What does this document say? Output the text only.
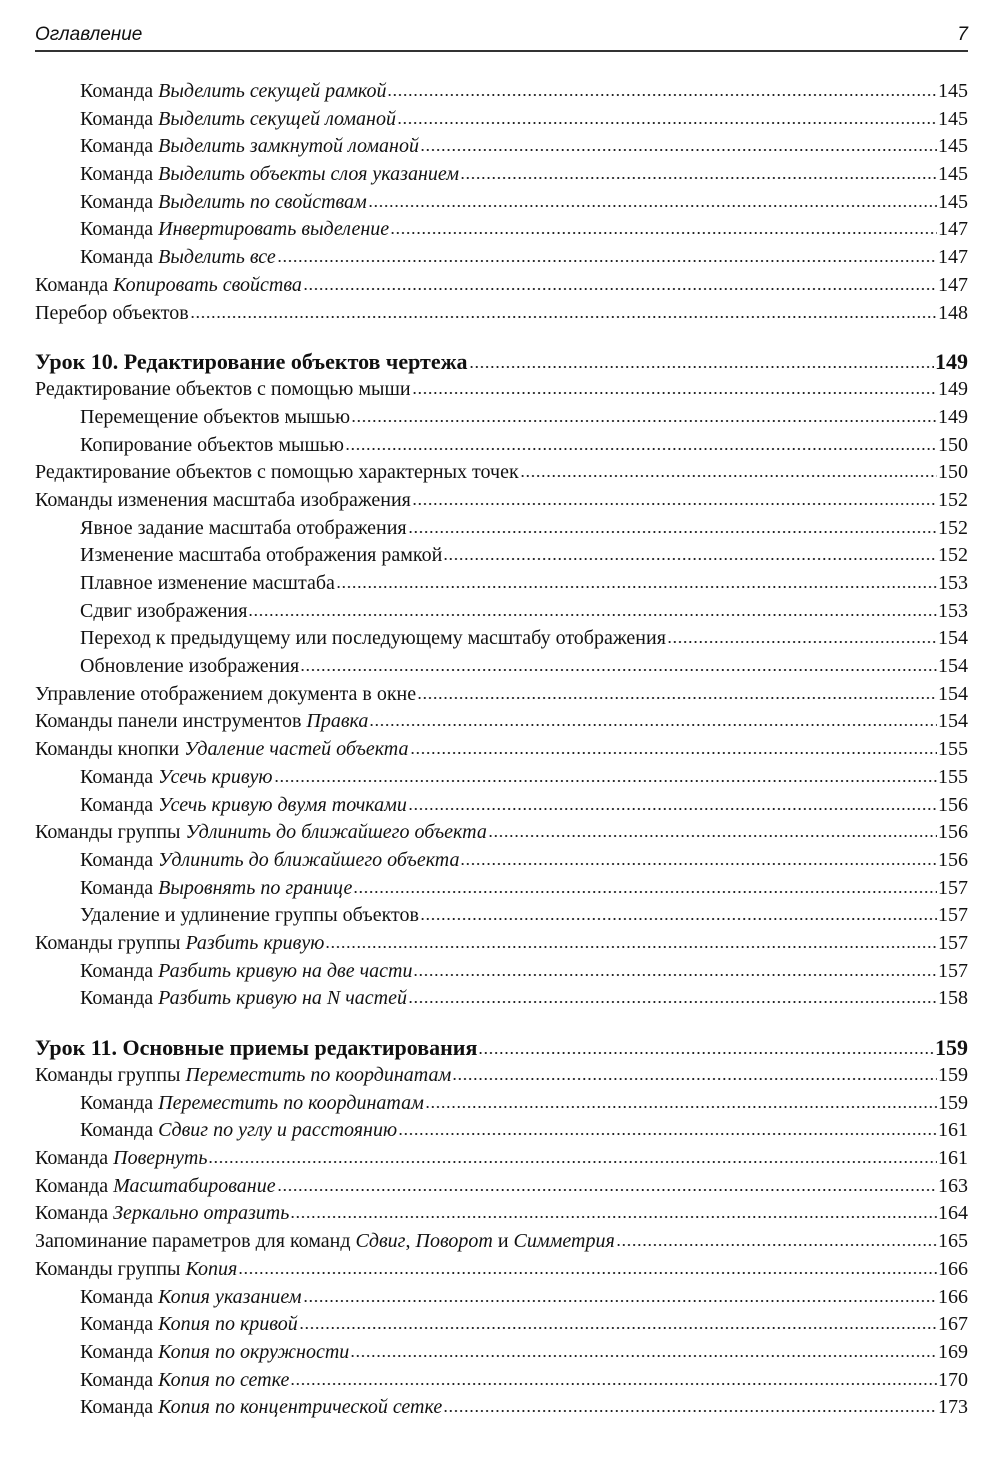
Оглавление	7
Команда Выделить секущей рамкой	145
Команда Выделить секущей ломаной	145
Команда Выделить замкнутой ломаной	145
Команда Выделить объекты слоя указанием	145
Команда Выделить по свойствам	145
Команда Инвертировать выделение	147
Команда Выделить все	147
Команда Копировать свойства	147
Перебор объектов	148
Урок 10. Редактирование объектов чертежа	149
Редактирование объектов с помощью мыши	149
Перемещение объектов мышью	149
Копирование объектов мышью	150
Редактирование объектов с помощью характерных точек	150
Команды изменения масштаба изображения	152
Явное задание масштаба отображения	152
Изменение масштаба отображения рамкой	152
Плавное изменение масштаба	153
Сдвиг изображения	153
Переход к предыдущему или последующему масштабу отображения	154
Обновление изображения	154
Управление отображением документа в окне	154
Команды панели инструментов Правка	154
Команды кнопки Удаление частей объекта	155
Команда Усечь кривую	155
Команда Усечь кривую двумя точками	156
Команды группы Удлинить до ближайшего объекта	156
Команда Удлинить до ближайшего объекта	156
Команда Выровнять по границе	157
Удаление и удлинение группы объектов	157
Команды группы Разбить кривую	157
Команда Разбить кривую на две части	157
Команда Разбить кривую на N частей	158
Урок 11. Основные приемы редактирования	159
Команды группы Переместить по координатам	159
Команда Переместить по координатам	159
Команда Сдвиг по углу и расстоянию	161
Команда Повернуть	161
Команда Масштабирование	163
Команда Зеркально отразить	164
Запоминание параметров для команд Сдвиг, Поворот и Симметрия	165
Команды группы Копия	166
Команда Копия указанием	166
Команда Копия по кривой	167
Команда Копия по окружности	169
Команда Копия по сетке	170
Команда Копия по концентрической сетке	173
